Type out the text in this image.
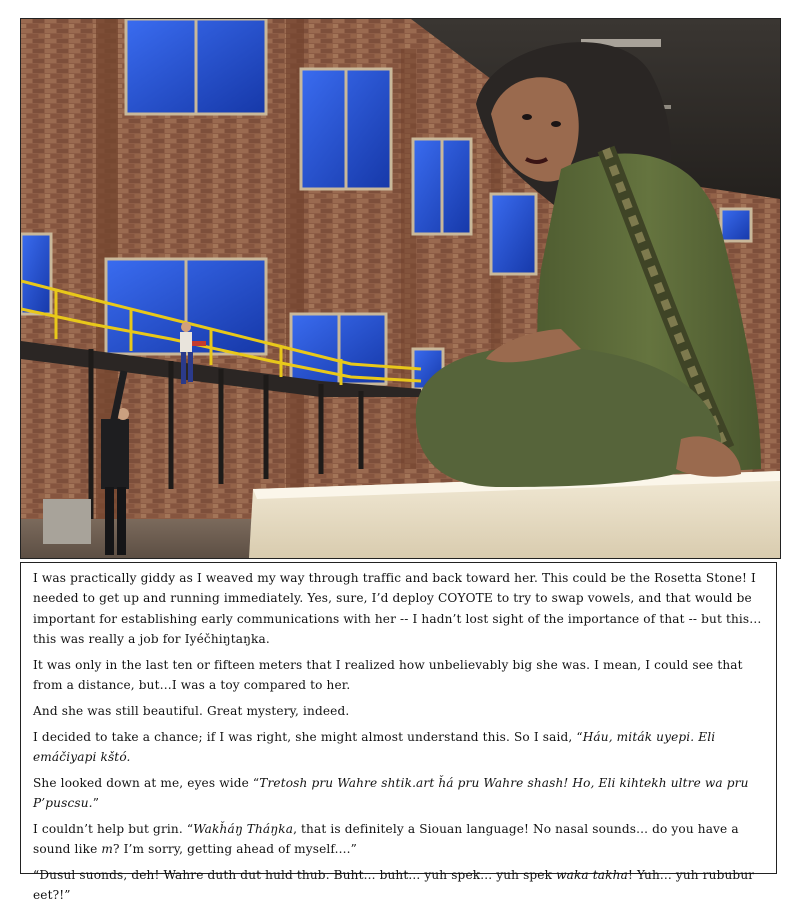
I was practically giddy as I weaved my way through traffic and back toward her. This could be the Rosetta Stone! I needed to get up and running immediately. Yes, sure, I’d deploy COYOTE to try to swap vowels, and that would be important for establishing early communications with her -- I hadn’t lost sight of the importance of that -- but this…this was really a job for Iyéčhiŋtaŋka.

It was only in the last ten or fifteen meters that I realized how unbelievably big she was. I mean, I could see that from a distance, but…I was a toy compared to her.

And she was still beautiful. Great mystery, indeed.

I decided to take a chance; if I was right, she might almost understand this. So I said, “Háu, miták uyepi. Eli emáčiyapi kštó.

She looked down at me, eyes wide “Tretosh pru Wahre shtik.art ȟá pru Wahre shash! Ho, Eli kihtekh ultre wa pru P’puscsu.”

I couldn’t help but grin. “Wakȟáŋ Tháŋka, that is definitely a Siouan language! No nasal sounds... do you have a sound like m? I’m sorry, getting ahead of myself....”

“Dusul suonds, deh! Wahre duth dut huld thub. Buht... buht... yuh spek... yuh spek waka takha! Yuh... yuh rububur eet?!”
